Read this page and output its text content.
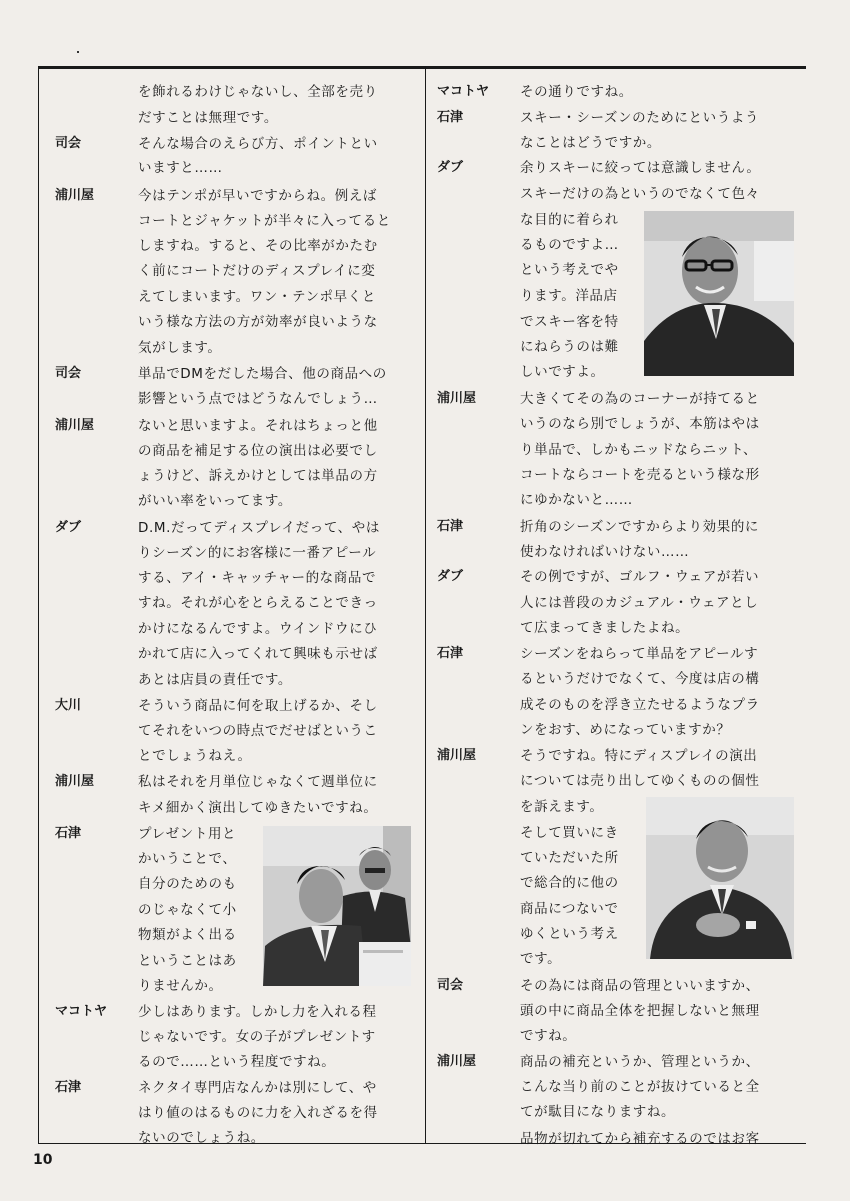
司会
浦川屋
司会
浦川屋
ダブ
大川
浦川屋
石津
マコトヤ
石津
を飾れるわけじゃないし、全部を売り
だすことは無理です。
そんな場合のえらび方、ポイントとい
いますと……
今はテンポが早いですからね。例えば
コートとジャケットが半々に入ってると
しますね。すると、その比率がかたむ
く前にコートだけのディスプレイに変
えてしまいます。ワン・テンポ早くと
いう様な方法の方が効率が良いような
気がします。
単品でDMをだした場合、他の商品への
影響という点ではどうなんでしょう…
ないと思いますよ。それはちょっと他
の商品を補足する位の演出は必要でし
ょうけど、訴えかけとしては単品の方
がいい率をいってます。
D.M.だってディスプレイだって、やは
りシーズン的にお客様に一番アピール
する、アイ・キャッチャー的な商品で
すね。それが心をとらえることできっ
かけになるんですよ。ウインドウにひ
かれて店に入ってくれて興味も示せば
あとは店員の責任です。
そういう商品に何を取上げるか、そし
てそれをいつの時点でだせばというこ
とでしょうねえ。
私はそれを月単位じゃなくて週単位に
キメ細かく演出してゆきたいですね。
プレゼント用と
かいうことで、
自分のためのも
のじゃなくて小
物類がよく出る
ということはあ
りませんか。
少しはあります。しかし力を入れる程
じゃないです。女の子がプレゼントす
るので……という程度ですね。
ネクタイ専門店なんかは別にして、や
はり値のはるものに力を入れざるを得
ないのでしょうね。
マコトヤ
石津
ダブ
浦川屋
石津
ダブ
石津
浦川屋
司会
浦川屋
その通りですね。
スキー・シーズンのためにというよう
なことはどうですか。
余りスキーに絞っては意識しません。
スキーだけの為というのでなくて色々
な目的に着られ
るものですよ…
という考えでや
ります。洋品店
でスキー客を特
にねらうのは難
しいですよ。
大きくてその為のコーナーが持てると
いうのなら別でしょうが、本筋はやは
り単品で、しかもニッドならニット、
コートならコートを売るという様な形
にゆかないと……
折角のシーズンですからより効果的に
使わなければいけない……
その例ですが、ゴルフ・ウェアが若い
人には普段のカジュアル・ウェアとし
て広まってきましたよね。
シーズンをねらって単品をアピールす
るというだけでなくて、今度は店の構
成そのものを浮き立たせるようなプラ
ンをおす、めになっていますか？
そうですね。特にディスプレイの演出
については売り出してゆくものの個性
を訴えます。
そして買いにき
ていただいた所
で総合的に他の
商品につないで
ゆくという考え
です。
その為には商品の管理といいますか、
頭の中に商品全体を把握しないと無理
ですね。
商品の補充というか、管理というか、
こんな当り前のことが抜けていると全
てが駄目になりますね。
品物が切れてから補充するのではお客
10
